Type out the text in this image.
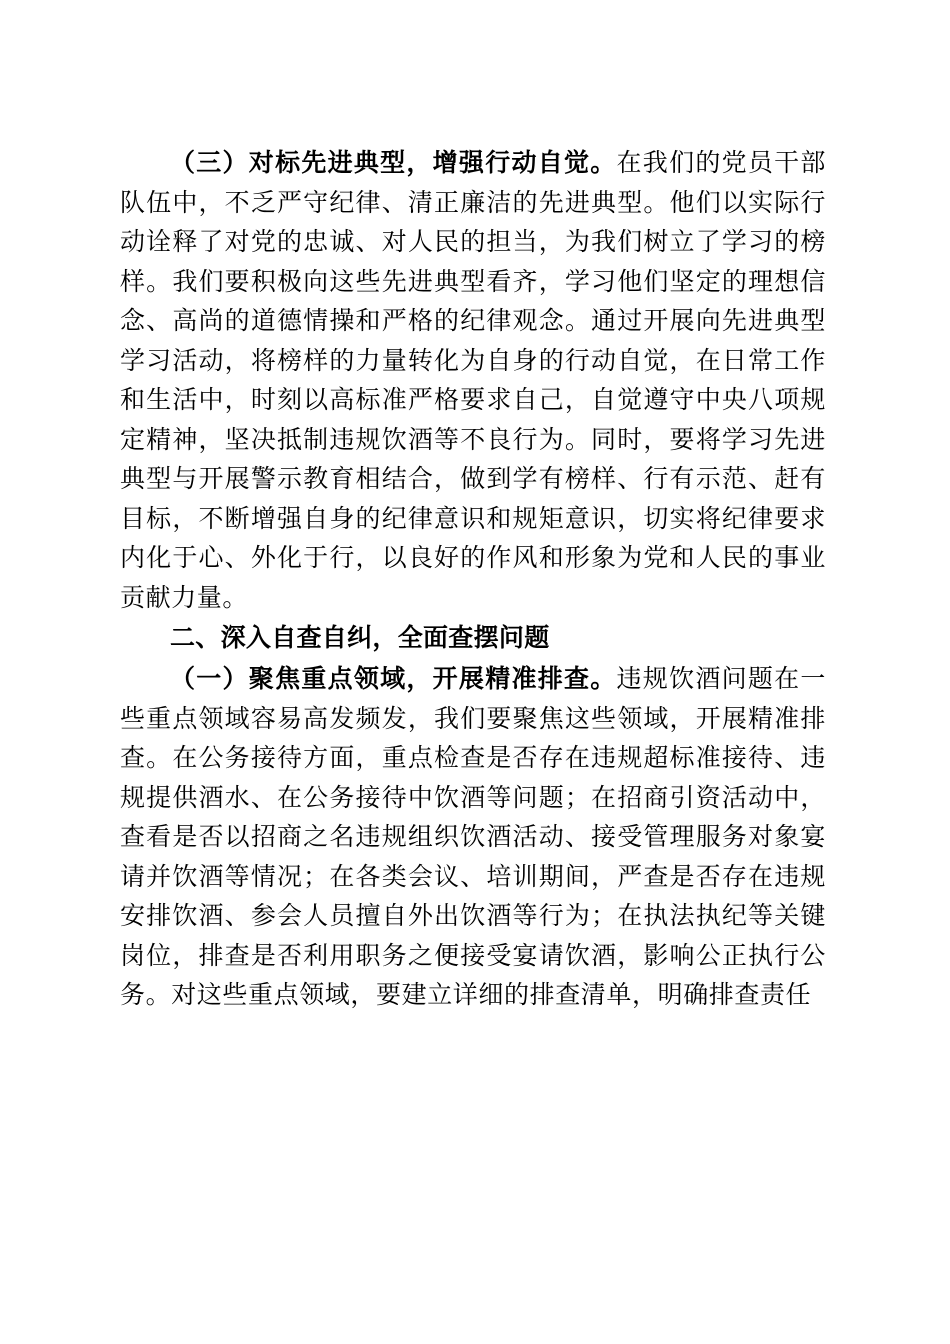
（三）对标先进典型，增强行动自觉。在我们的党员干部队伍中，不乏严守纪律、清正廉洁的先进典型。他们以实际行动诠释了对党的忠诚、对人民的担当，为我们树立了学习的榜样。我们要积极向这些先进典型看齐，学习他们坚定的理想信念、高尚的道德情操和严格的纪律观念。通过开展向先进典型学习活动，将榜样的力量转化为自身的行动自觉，在日常工作和生活中，时刻以高标准严格要求自己，自觉遵守中央八项规定精神，坚决抵制违规饮酒等不良行为。同时，要将学习先进典型与开展警示教育相结合，做到学有榜样、行有示范、赶有目标，不断增强自身的纪律意识和规矩意识，切实将纪律要求内化于心、外化于行，以良好的作风和形象为党和人民的事业贡献力量。

二、深入自查自纠，全面查摆问题

（一）聚焦重点领域，开展精准排查。违规饮酒问题在一些重点领域容易高发频发，我们要聚焦这些领域，开展精准排查。在公务接待方面，重点检查是否存在违规超标准接待、违规提供酒水、在公务接待中饮酒等问题；在招商引资活动中，查看是否以招商之名违规组织饮酒活动、接受管理服务对象宴请并饮酒等情况；在各类会议、培训期间，严查是否存在违规安排饮酒、参会人员擅自外出饮酒等行为；在执法执纪等关键岗位，排查是否利用职务之便接受宴请饮酒，影响公正执行公务。对这些重点领域，要建立详细的排查清单，明确排查责任
